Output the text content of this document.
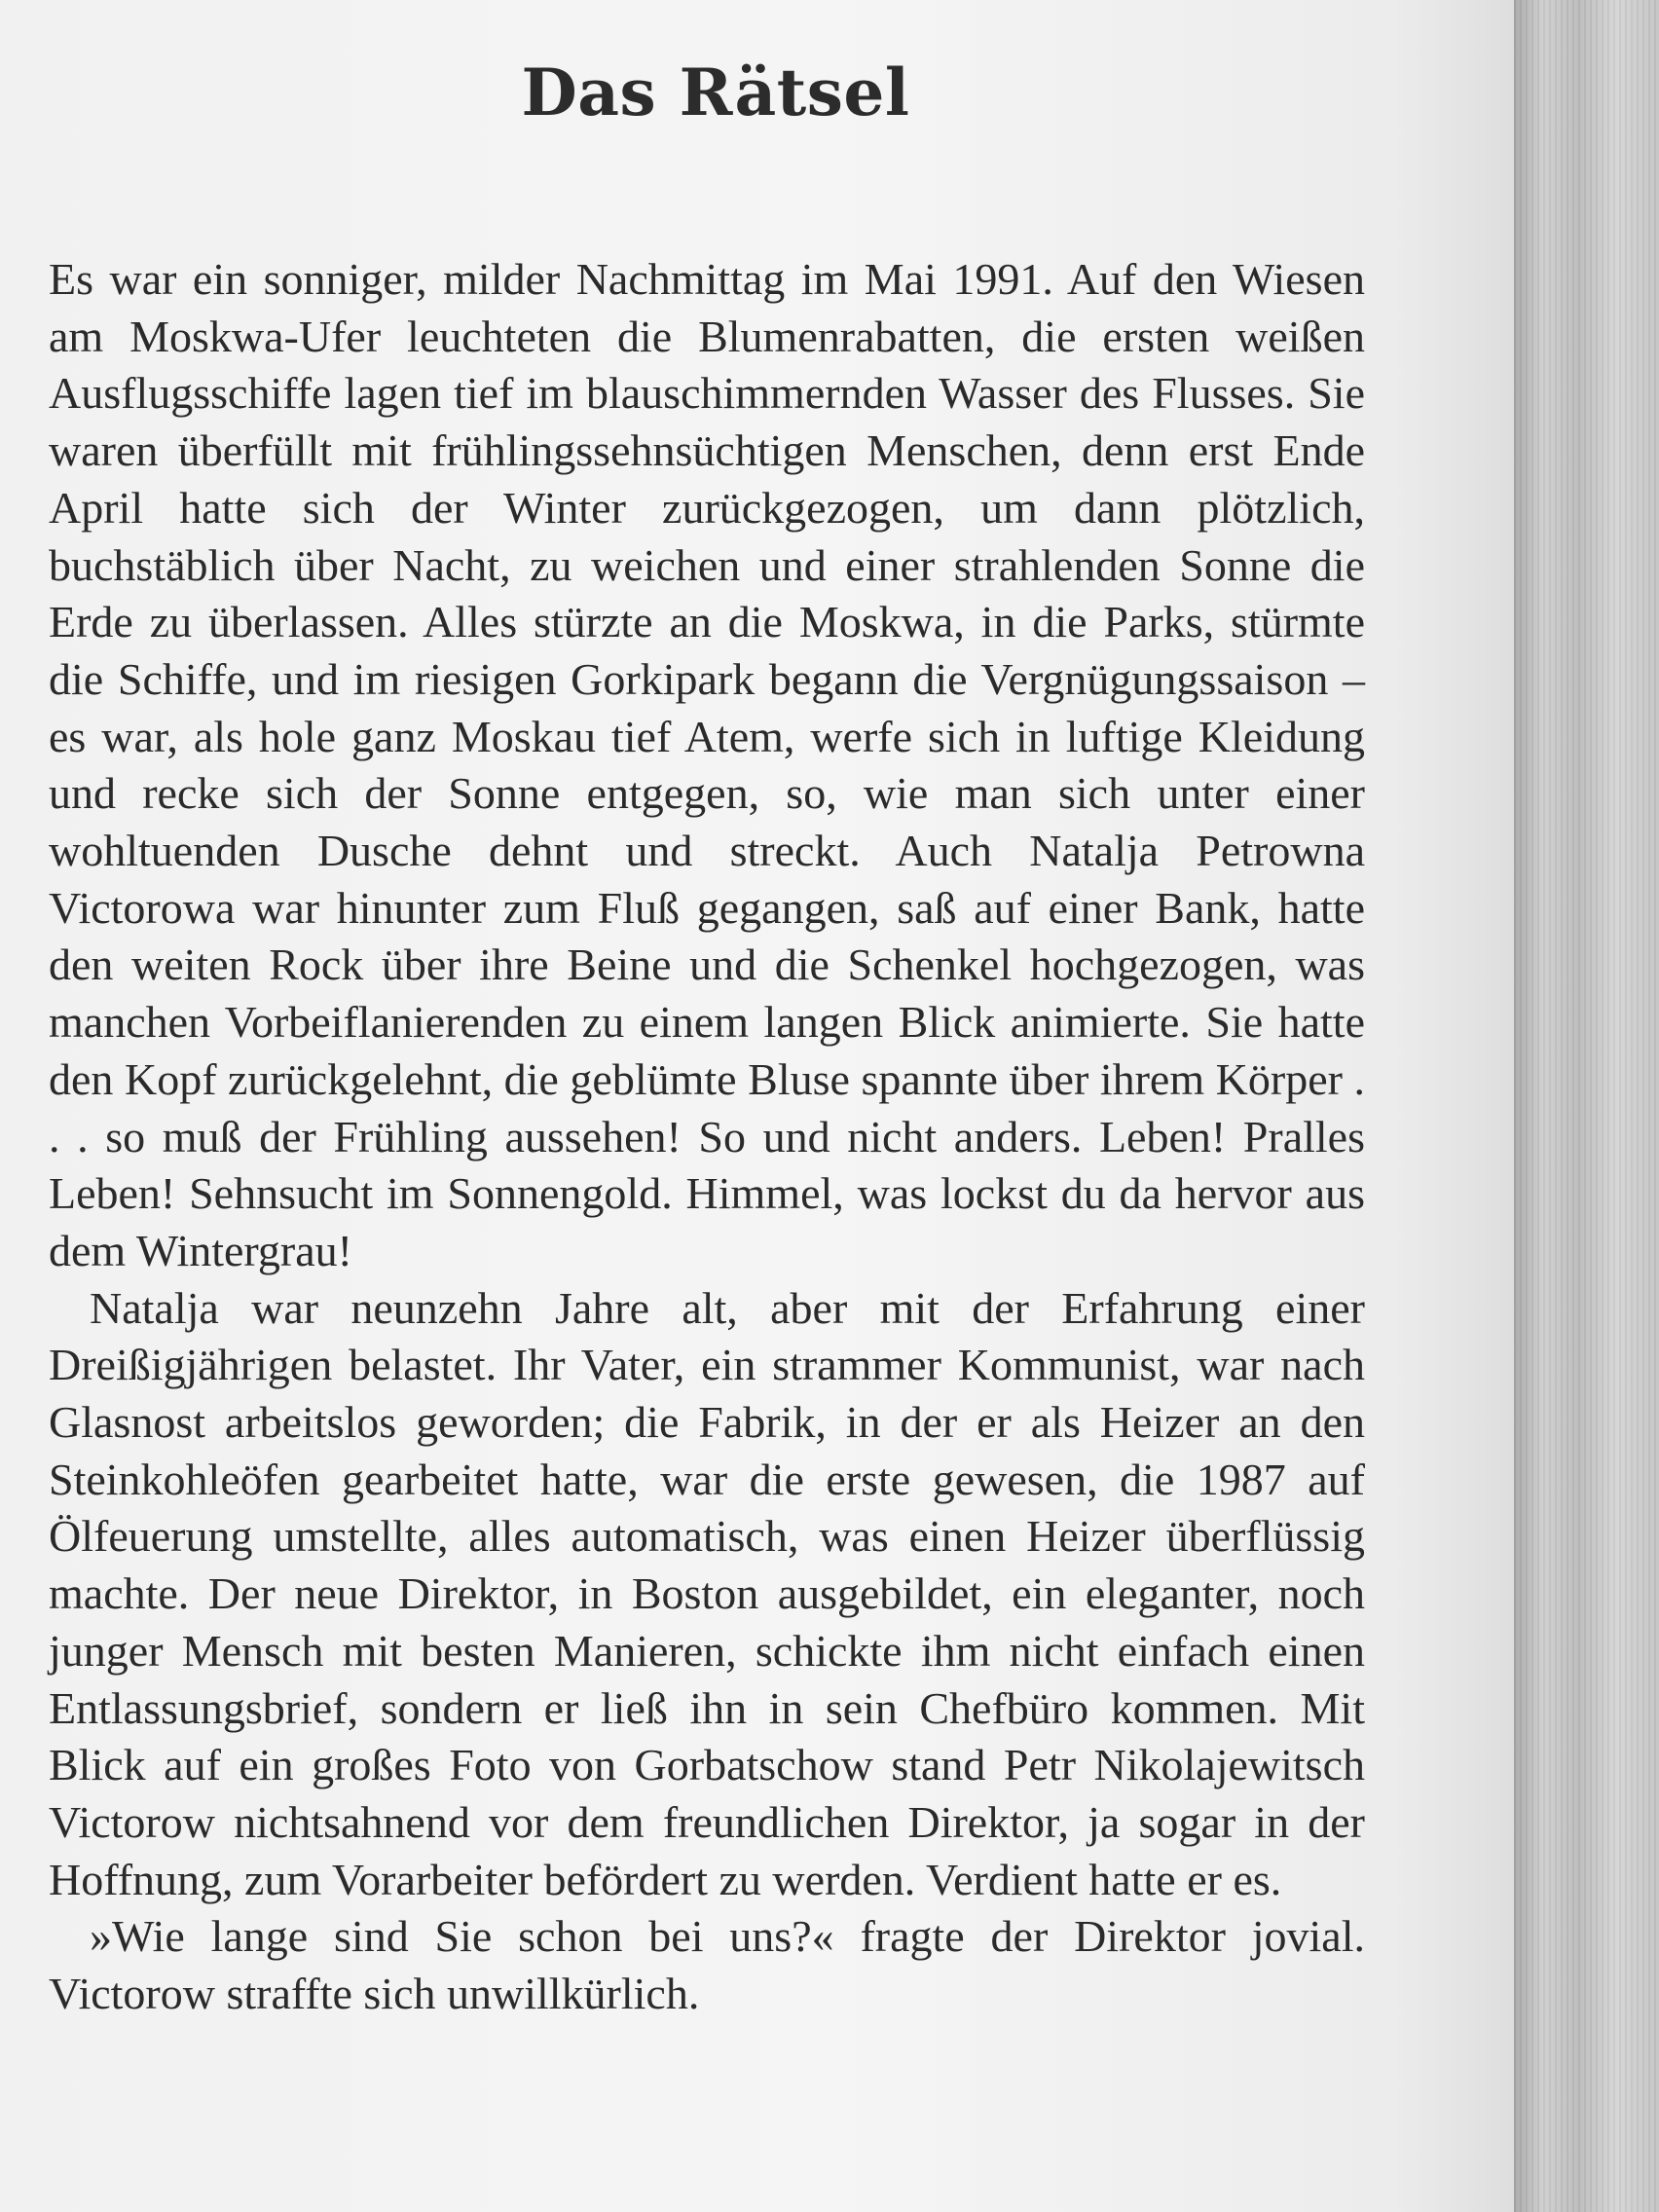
Das Rätsel

Es war ein sonniger, milder Nachmittag im Mai 1991. Auf den Wiesen am Moskwa-Ufer leuchteten die Blumenrabatten, die ersten weißen Ausflugsschiffe lagen tief im blauschimmernden Wasser des Flusses. Sie waren überfüllt mit frühlingssehnsüchtigen Menschen, denn erst Ende April hatte sich der Winter zurückgezogen, um dann plötzlich, buchstäblich über Nacht, zu weichen und einer strahlenden Sonne die Erde zu überlassen. Alles stürzte an die Moskwa, in die Parks, stürmte die Schiffe, und im riesigen Gorkipark begann die Vergnügungssaison – es war, als hole ganz Moskau tief Atem, werfe sich in luftige Kleidung und recke sich der Sonne entgegen, so, wie man sich unter einer wohltuenden Dusche dehnt und streckt. Auch Natalja Petrowna Victorowa war hinunter zum Fluß gegangen, saß auf einer Bank, hatte den weiten Rock über ihre Beine und die Schenkel hochgezogen, was manchen Vorbeiflanierenden zu einem langen Blick animierte. Sie hatte den Kopf zurückgelehnt, die geblümte Bluse spannte über ihrem Körper . . . so muß der Frühling aussehen! So und nicht anders. Leben! Pralles Leben! Sehnsucht im Sonnengold. Himmel, was lockst du da hervor aus dem Wintergrau!

Natalja war neunzehn Jahre alt, aber mit der Erfahrung einer Dreißigjährigen belastet. Ihr Vater, ein strammer Kommunist, war nach Glasnost arbeitslos geworden; die Fabrik, in der er als Heizer an den Steinkohleöfen gearbeitet hatte, war die erste gewesen, die 1987 auf Ölfeuerung umstellte, alles automatisch, was einen Heizer überflüssig machte. Der neue Direktor, in Boston ausgebildet, ein eleganter, noch junger Mensch mit besten Manieren, schickte ihm nicht einfach einen Entlassungsbrief, sondern er ließ ihn in sein Chefbüro kommen. Mit Blick auf ein großes Foto von Gorbatschow stand Petr Nikolajewitsch Victorow nichtsahnend vor dem freundlichen Direktor, ja sogar in der Hoffnung, zum Vorarbeiter befördert zu werden. Verdient hatte er es.

»Wie lange sind Sie schon bei uns?« fragte der Direktor jovial. Victorow straffte sich unwillkürlich.
